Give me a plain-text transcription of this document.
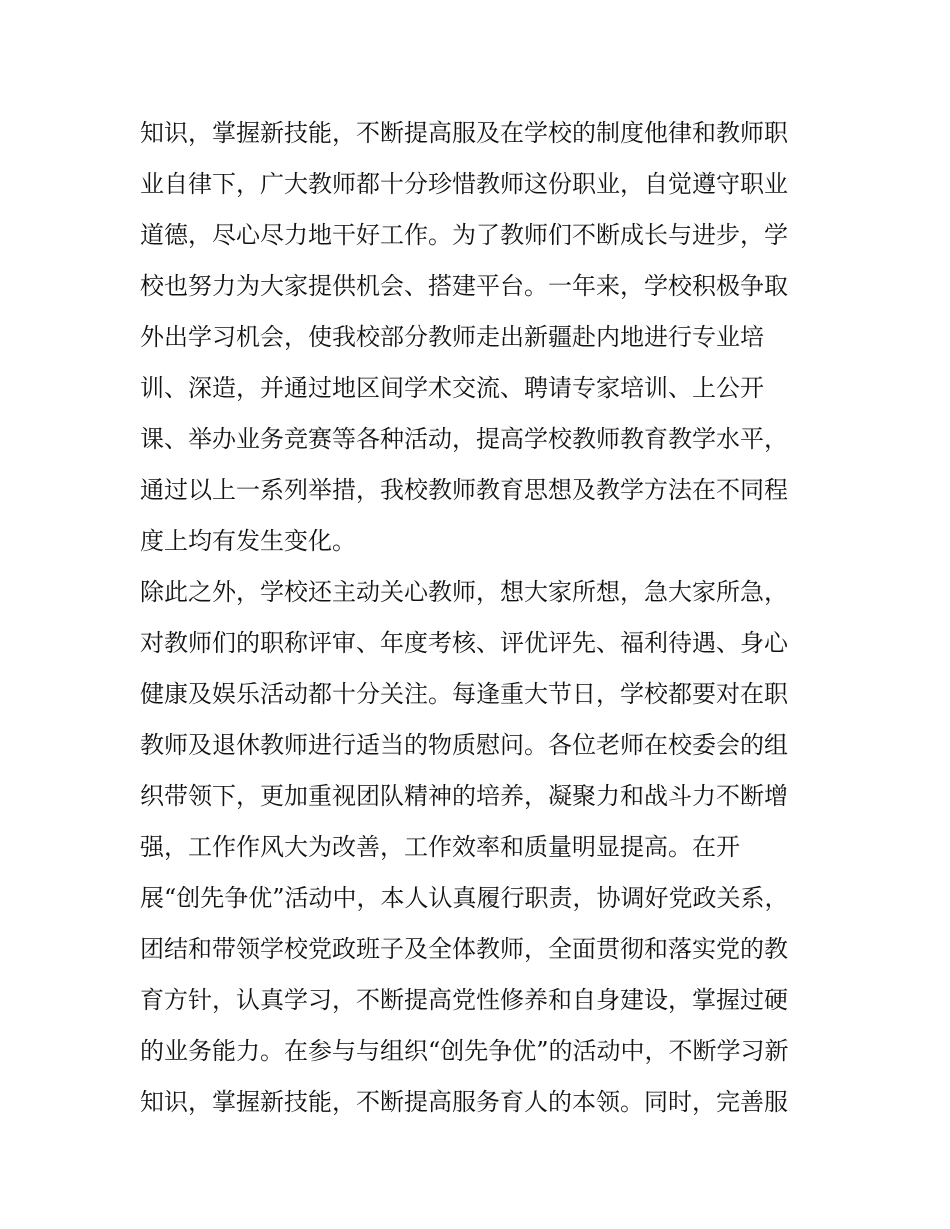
知识，掌握新技能，不断提高服及在学校的制度他律和教师职
业自律下，广大教师都十分珍惜教师这份职业，自觉遵守职业
道德，尽心尽力地干好工作。为了教师们不断成长与进步，学
校也努力为大家提供机会、搭建平台。一年来，学校积极争取
外出学习机会，使我校部分教师走出新疆赴内地进行专业培
训、深造，并通过地区间学术交流、聘请专家培训、上公开
课、举办业务竞赛等各种活动，提高学校教师教育教学水平，
通过以上一系列举措，我校教师教育思想及教学方法在不同程
度上均有发生变化。
除此之外，学校还主动关心教师，想大家所想，急大家所急，
对教师们的职称评审、年度考核、评优评先、福利待遇、身心
健康及娱乐活动都十分关注。每逢重大节日，学校都要对在职
教师及退休教师进行适当的物质慰问。各位老师在校委会的组
织带领下，更加重视团队精神的培养，凝聚力和战斗力不断增
强，工作作风大为改善，工作效率和质量明显提高。在开
展“创先争优”活动中，本人认真履行职责，协调好党政关系，
团结和带领学校党政班子及全体教师，全面贯彻和落实党的教
育方针，认真学习，不断提高党性修养和自身建设，掌握过硬
的业务能力。在参与与组织“创先争优”的活动中，不断学习新
知识，掌握新技能，不断提高服务育人的本领。同时，完善服
